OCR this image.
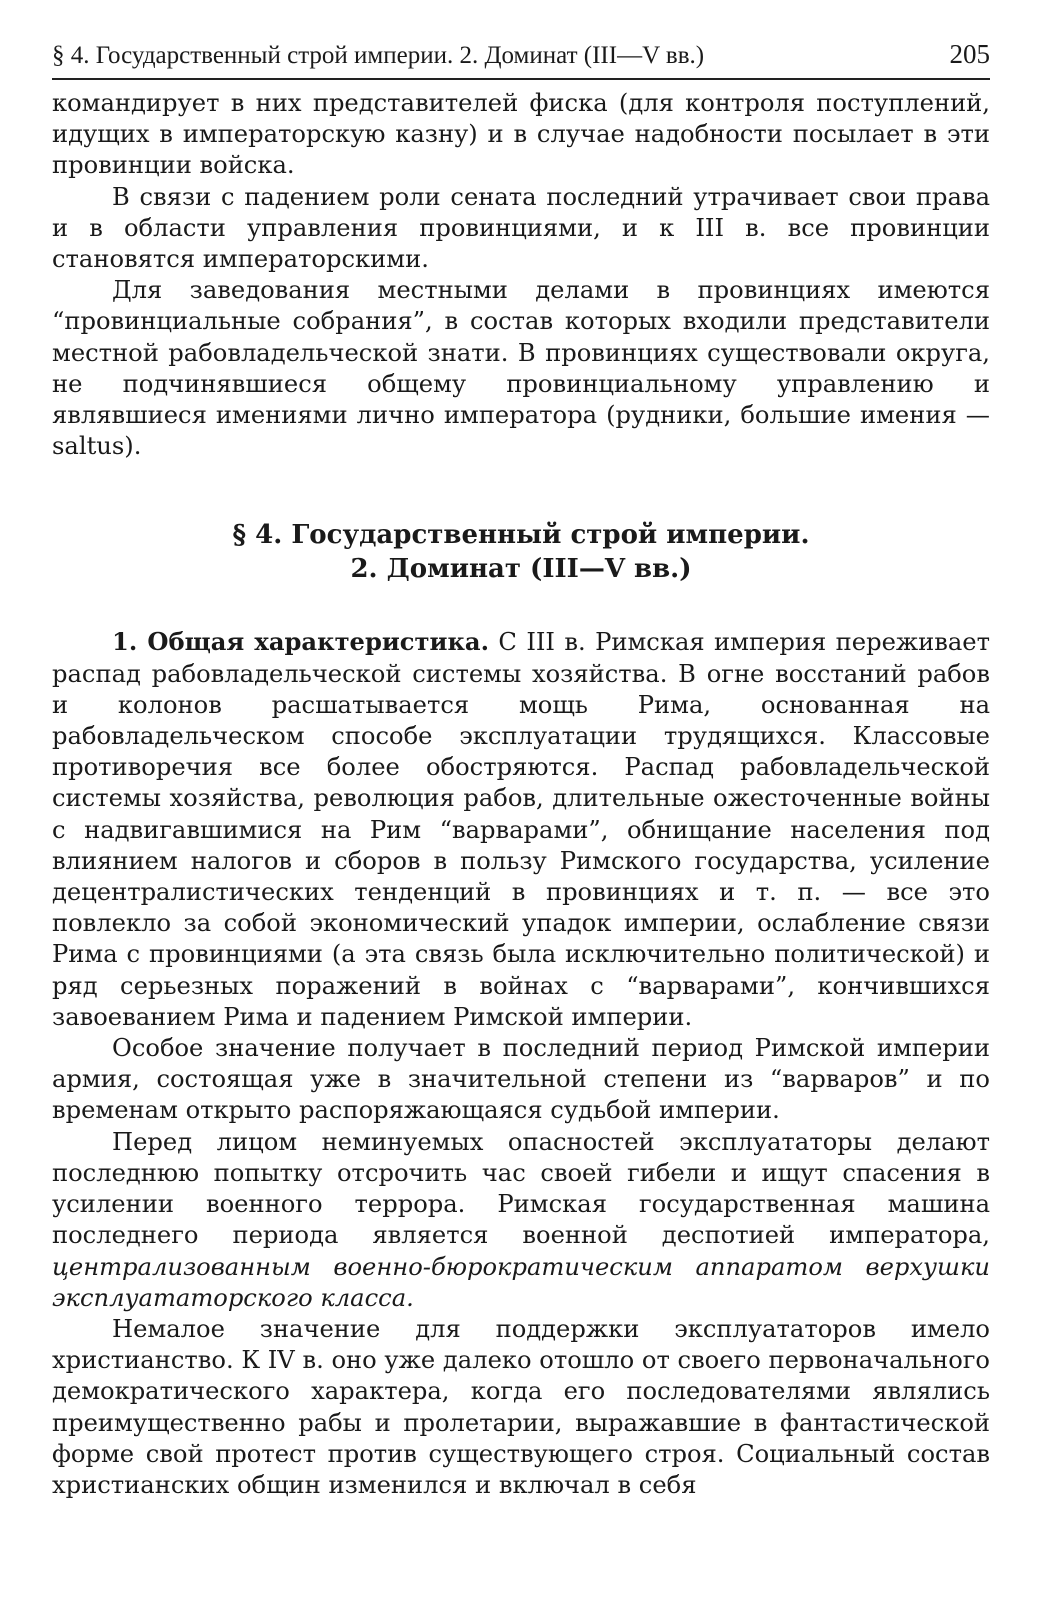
§ 4. Государственный строй империи. 2. Доминат (III—V вв.)	205

командирует в них представителей фиска (для контроля поступлений, идущих в императорскую казну) и в случае надобности посылает в эти провинции войска.

В связи с падением роли сената последний утрачивает свои права и в области управления провинциями, и к III в. все провинции становятся императорскими.

Для заведования местными делами в провинциях имеются “провинциальные собрания”, в состав которых входили представители местной рабовладельческой знати. В провинциях существовали округа, не подчинявшиеся общему провинциальному управлению и являвшиеся имениями лично императора (рудники, большие имения — saltus).

§ 4. Государственный строй империи.
2. Доминат (III—V вв.)

1. Общая характеристика. С III в. Римская империя переживает распад рабовладельческой системы хозяйства. В огне восстаний рабов и колонов расшатывается мощь Рима, основанная на рабовладельческом способе эксплуатации трудящихся. Классовые противоречия все более обостряются. Распад рабовладельческой системы хозяйства, революция рабов, длительные ожесточенные войны с надвигавшимися на Рим “варварами”, обнищание населения под влиянием налогов и сборов в пользу Римского государства, усиление децентралистических тенденций в провинциях и т. п. — все это повлекло за собой экономический упадок империи, ослабление связи Рима с провинциями (а эта связь была исключительно политической) и ряд серьезных поражений в войнах с “варварами”, кончившихся завоеванием Рима и падением Римской империи.

Особое значение получает в последний период Римской империи армия, состоящая уже в значительной степени из “варваров” и по временам открыто распоряжающаяся судьбой империи.

Перед лицом неминуемых опасностей эксплуататоры делают последнюю попытку отсрочить час своей гибели и ищут спасения в усилении военного террора. Римская государственная машина последнего периода является военной деспотией императора, централизованным военно-бюрократическим аппаратом верхушки эксплуататорского класса.

Немалое значение для поддержки эксплуататоров имело христианство. К IV в. оно уже далеко отошло от своего первоначального демократического характера, когда его последователями являлись преимущественно рабы и пролетарии, выражавшие в фантастической форме свой протест против существующего строя. Социальный состав христианских общин изменился и включал в себя
